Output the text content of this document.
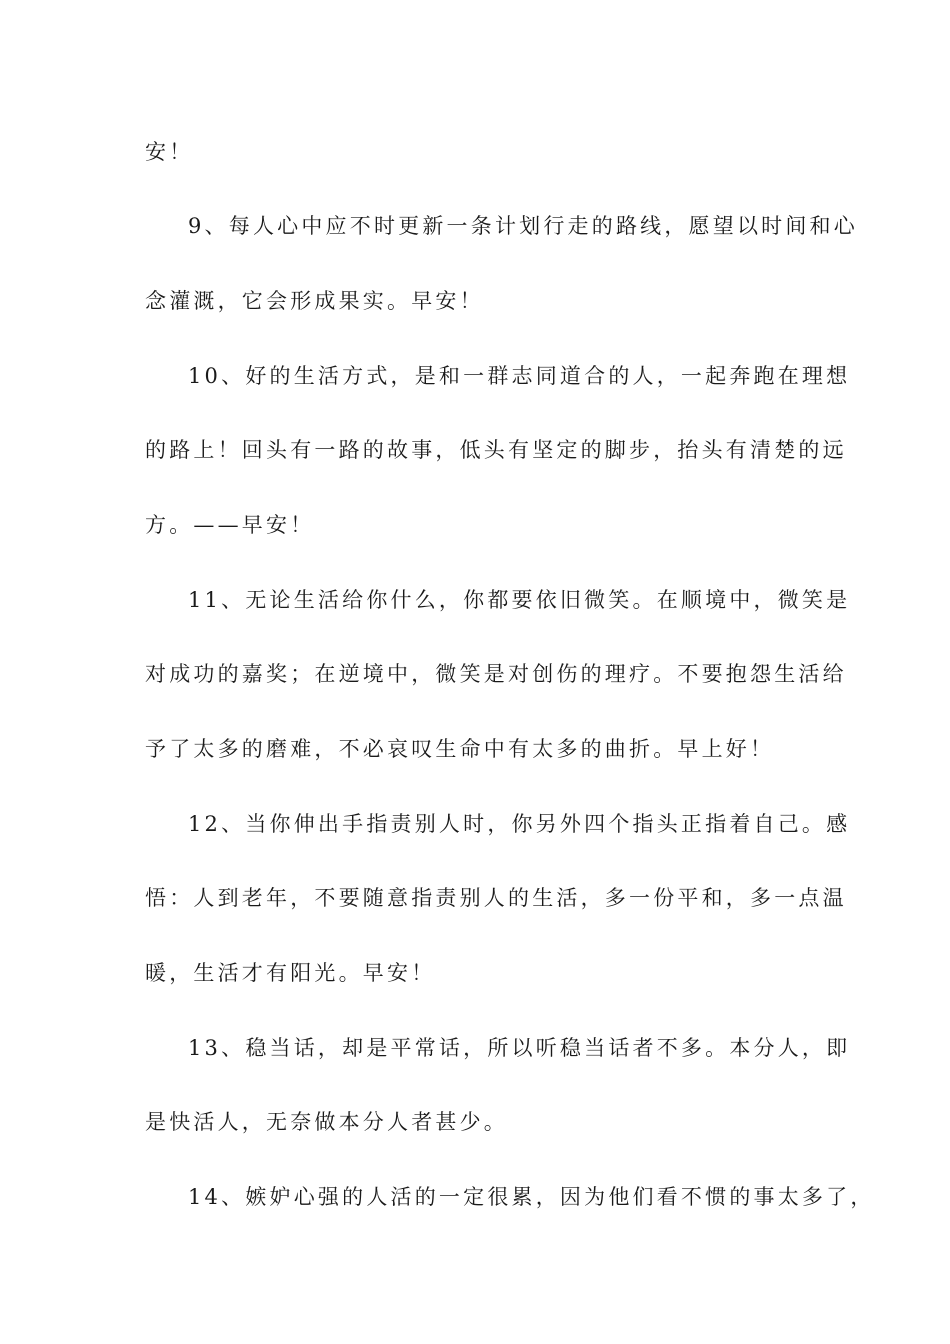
安！
9、每人心中应不时更新一条计划行走的路线，愿望以时间和心
念灌溉，它会形成果实。早安！
10、好的生活方式，是和一群志同道合的人，一起奔跑在理想
的路上！回头有一路的故事，低头有坚定的脚步，抬头有清楚的远
方。——早安！
11、无论生活给你什么，你都要依旧微笑。在顺境中，微笑是
对成功的嘉奖；在逆境中，微笑是对创伤的理疗。不要抱怨生活给
予了太多的磨难，不必哀叹生命中有太多的曲折。早上好！
12、当你伸出手指责别人时，你另外四个指头正指着自己。感
悟：人到老年，不要随意指责别人的生活，多一份平和，多一点温
暖，生活才有阳光。早安！
13、稳当话，却是平常话，所以听稳当话者不多。本分人，即
是快活人，无奈做本分人者甚少。
14、嫉妒心强的人活的一定很累，因为他们看不惯的事太多了，
